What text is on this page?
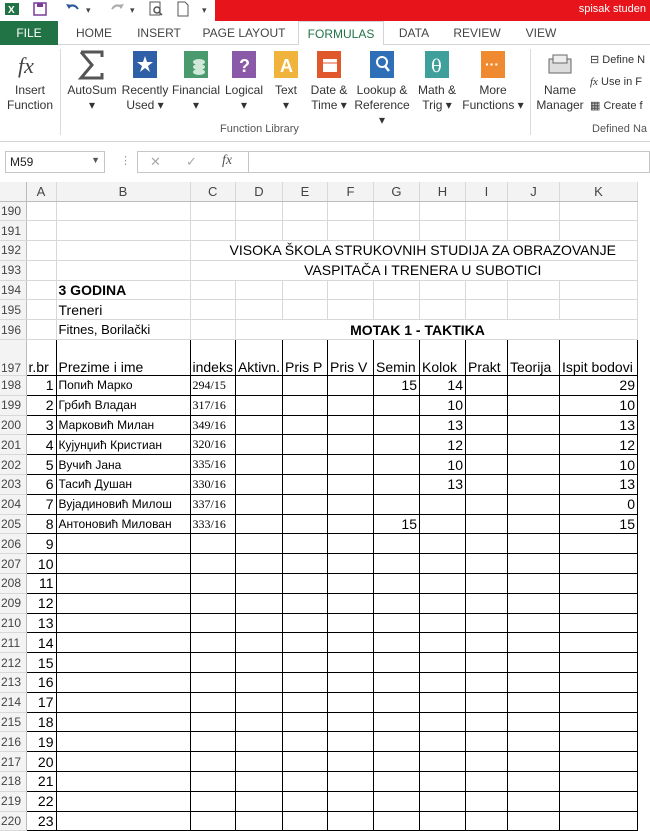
X	▾	▾	▾	spisak studen
FILE	HOME	INSERT	PAGE LAYOUT	FORMULAS	DATA	REVIEW	VIEW
fx
Insert
Function
AutoSum
▾
Recently
Used ▾
Financial
▾
?
Logical
▾
A
Text
▾
Date &
Time ▾
Lookup &
Reference ▾
θ
Math &
Trig ▾
···
More
Functions ▾
Function Library
Name
Manager
⊟ Define N
fx Use in F
▦ Create f
Defined Na
M59	▼ ⋮ ✕ ✓ fx
	A	B	C	D	E	F	G	H	I	J	K
190											
191											
192			VISOKA ŠKOLA STRUKOVNIH STUDIJA ZA OBRAZOVANJE								
193			VASPITAČA I TRENERA U SUBOTICI								
194		3 GODINA									
195		Treneri									
196		Fitnes, Borilački		MOTAK 1 - TAKTIKA							
197	r.br	Prezime i ime	indeks	Aktivn.	Pris P	Pris V	Semin	Kolok	Prakt	Teorija	Ispit bodovi
198	1	Попић Марко	294/15				15	14			29
199	2	Грбић Владан	317/16					10			10
200	3	Марковић Милан	349/16					13			13
201	4	Кујунџић Кристиан	320/16					12			12
202	5	Вучић Јана	335/16					10			10
203	6	Тасић Душан	330/16					13			13
204	7	Вујадиновић Милош	337/16								0
205	8	Антоновић Милован	333/16				15				15
206	9										
207	10										
208	11										
209	12										
210	13										
211	14										
212	15										
213	16										
214	17										
215	18										
216	19										
217	20										
218	21										
219	22										
220	23										
